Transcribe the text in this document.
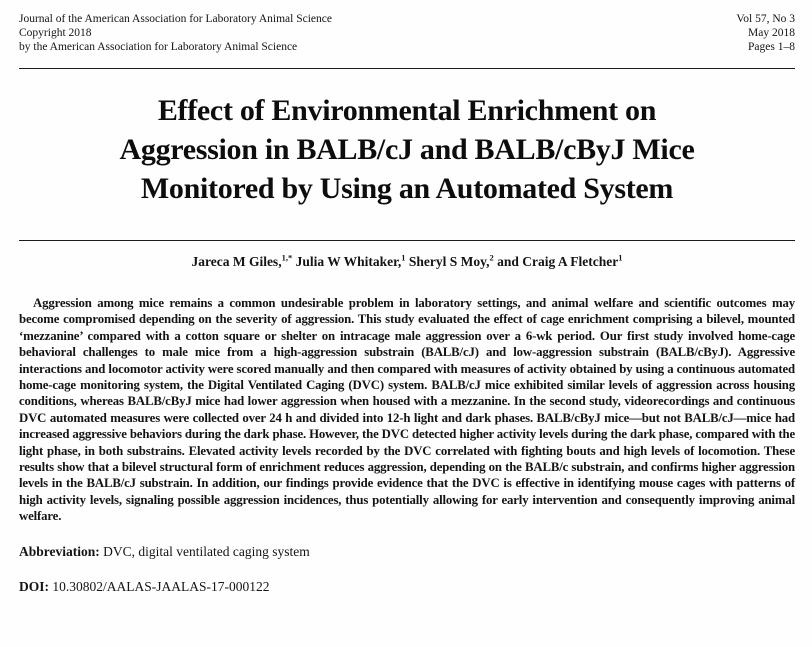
Journal of the American Association for Laboratory Animal Science
Copyright 2018
by the American Association for Laboratory Animal Science
Vol 57, No 3
May 2018
Pages 1–8
Effect of Environmental Enrichment on
Aggression in BALB/cJ and BALB/cByJ Mice
Monitored by Using an Automated System
Jareca M Giles,$^{1,*}$ Julia W Whitaker,$^1$ Sheryl S Moy,$^2$ and Craig A Fletcher$^1$

Aggression among mice remains a common undesirable problem in laboratory settings, and animal welfare and scientific outcomes may become compromised depending on the severity of aggression. This study evaluated the effect of cage enrichment comprising a bilevel, mounted ‘mezzanine’ compared with a cotton square or shelter on intracage male aggression over a 6-wk period. Our first study involved home-cage behavioral challenges to male mice from a high-aggression substrain (BALB/cJ) and low-aggression substrain (BALB/cByJ). Aggressive interactions and locomotor activity were scored manually and then compared with measures of activity obtained by using a continuous automated home-cage monitoring system, the Digital Ventilated Caging (DVC) system. BALB/cJ mice exhibited similar levels of aggression across housing conditions, whereas BALB/cByJ mice had lower aggression when housed with a mezzanine. In the second study, videorecordings and continuous DVC automated measures were collected over 24 h and divided into 12-h light and dark phases. BALB/cByJ mice—but not BALB/cJ—mice had increased aggressive behaviors during the dark phase. However, the DVC detected higher activity levels during the dark phase, compared with the light phase, in both substrains. Elevated activity levels recorded by the DVC correlated with fighting bouts and high levels of locomotion. These results show that a bilevel structural form of enrichment reduces aggression, depending on the BALB/c substrain, and confirms higher aggression levels in the BALB/cJ substrain. In addition, our findings provide evidence that the DVC is effective in identifying mouse cages with patterns of high activity levels, signaling possible aggression incidences, thus potentially allowing for early intervention and consequently improving animal welfare.

Abbreviation: DVC, digital ventilated caging system

DOI: 10.30802/AALAS-JAALAS-17-000122
